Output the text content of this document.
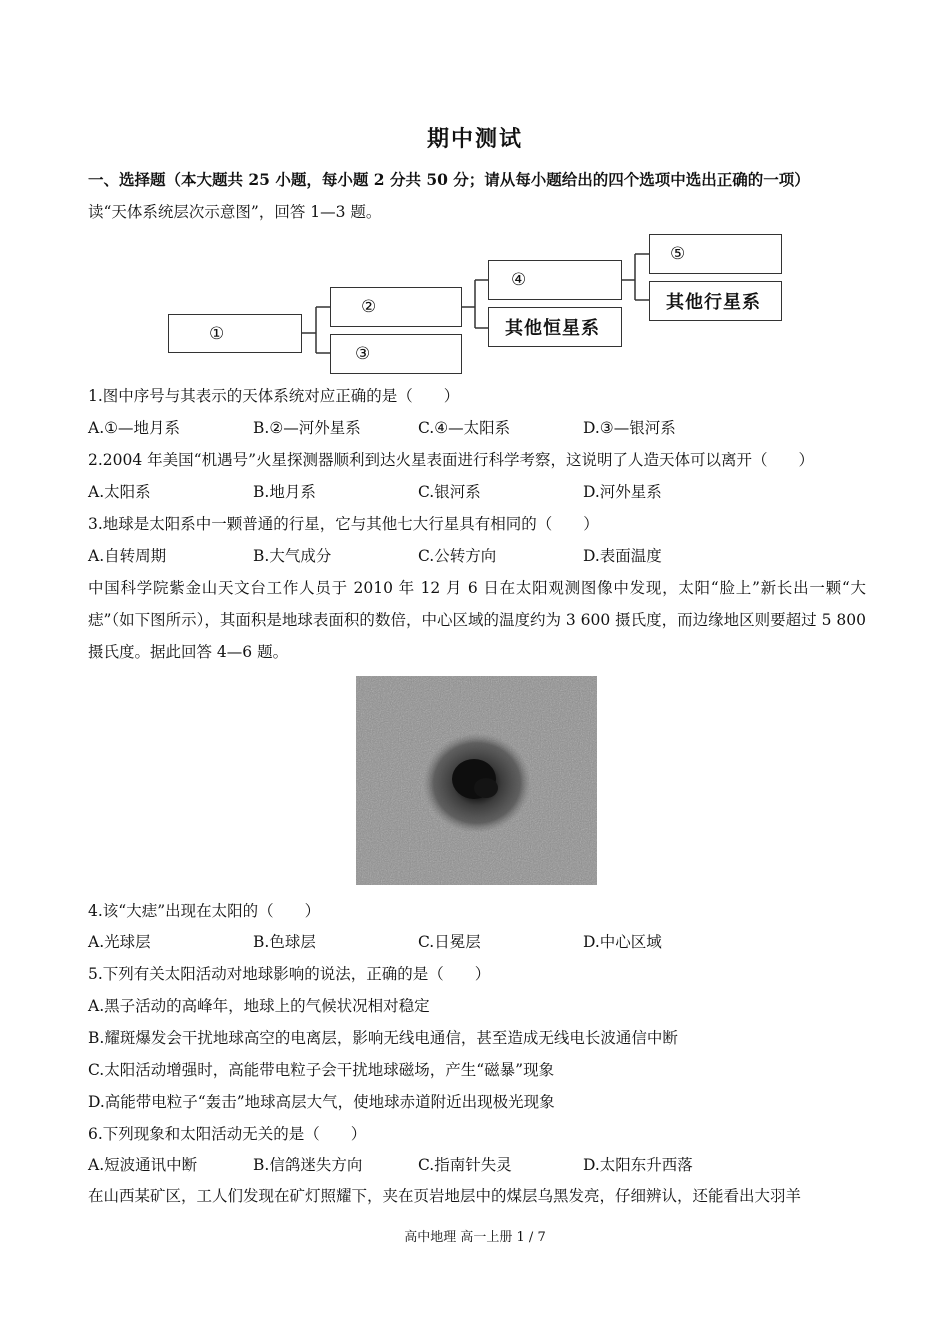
期中测试
一、选择题（本大题共 25 小题，每小题 2 分共 50 分；请从每小题给出的四个选项中选出正确的一项）
读“天体系统层次示意图”，回答 1—3 题。
①
②
③
④
其他恒星系
⑤
其他行星系
1.图中序号与其表示的天体系统对应正确的是（　　）
A.①—地月系	B.②—河外星系	C.④—太阳系	D.③—银河系
2.2004 年美国“机遇号”火星探测器顺利到达火星表面进行科学考察，这说明了人造天体可以离开（　　）
A.太阳系	B.地月系	C.银河系	D.河外星系
3.地球是太阳系中一颗普通的行星，它与其他七大行星具有相同的（　　）
A.自转周期	B.大气成分	C.公转方向	D.表面温度
中国科学院紫金山天文台工作人员于 2010 年 12 月 6 日在太阳观测图像中发现，太阳“脸上”新长出一颗“大痣”（如下图所示），其面积是地球表面积的数倍，中心区域的温度约为 3 600 摄氏度，而边缘地区则要超过 5 800 摄氏度。据此回答 4—6 题。
4.该“大痣”出现在太阳的（　　）
A.光球层	B.色球层	C.日冕层	D.中心区域
5.下列有关太阳活动对地球影响的说法，正确的是（　　）
A.黑子活动的高峰年，地球上的气候状况相对稳定
B.耀斑爆发会干扰地球高空的电离层，影响无线电通信，甚至造成无线电长波通信中断
C.太阳活动增强时，高能带电粒子会干扰地球磁场，产生“磁暴”现象
D.高能带电粒子“轰击”地球高层大气，使地球赤道附近出现极光现象
6.下列现象和太阳活动无关的是（　　）
A.短波通讯中断	B.信鸽迷失方向	C.指南针失灵	D.太阳东升西落
在山西某矿区，工人们发现在矿灯照耀下，夹在页岩地层中的煤层乌黑发亮，仔细辨认，还能看出大羽羊
高中地理 高一上册 1 / 7
